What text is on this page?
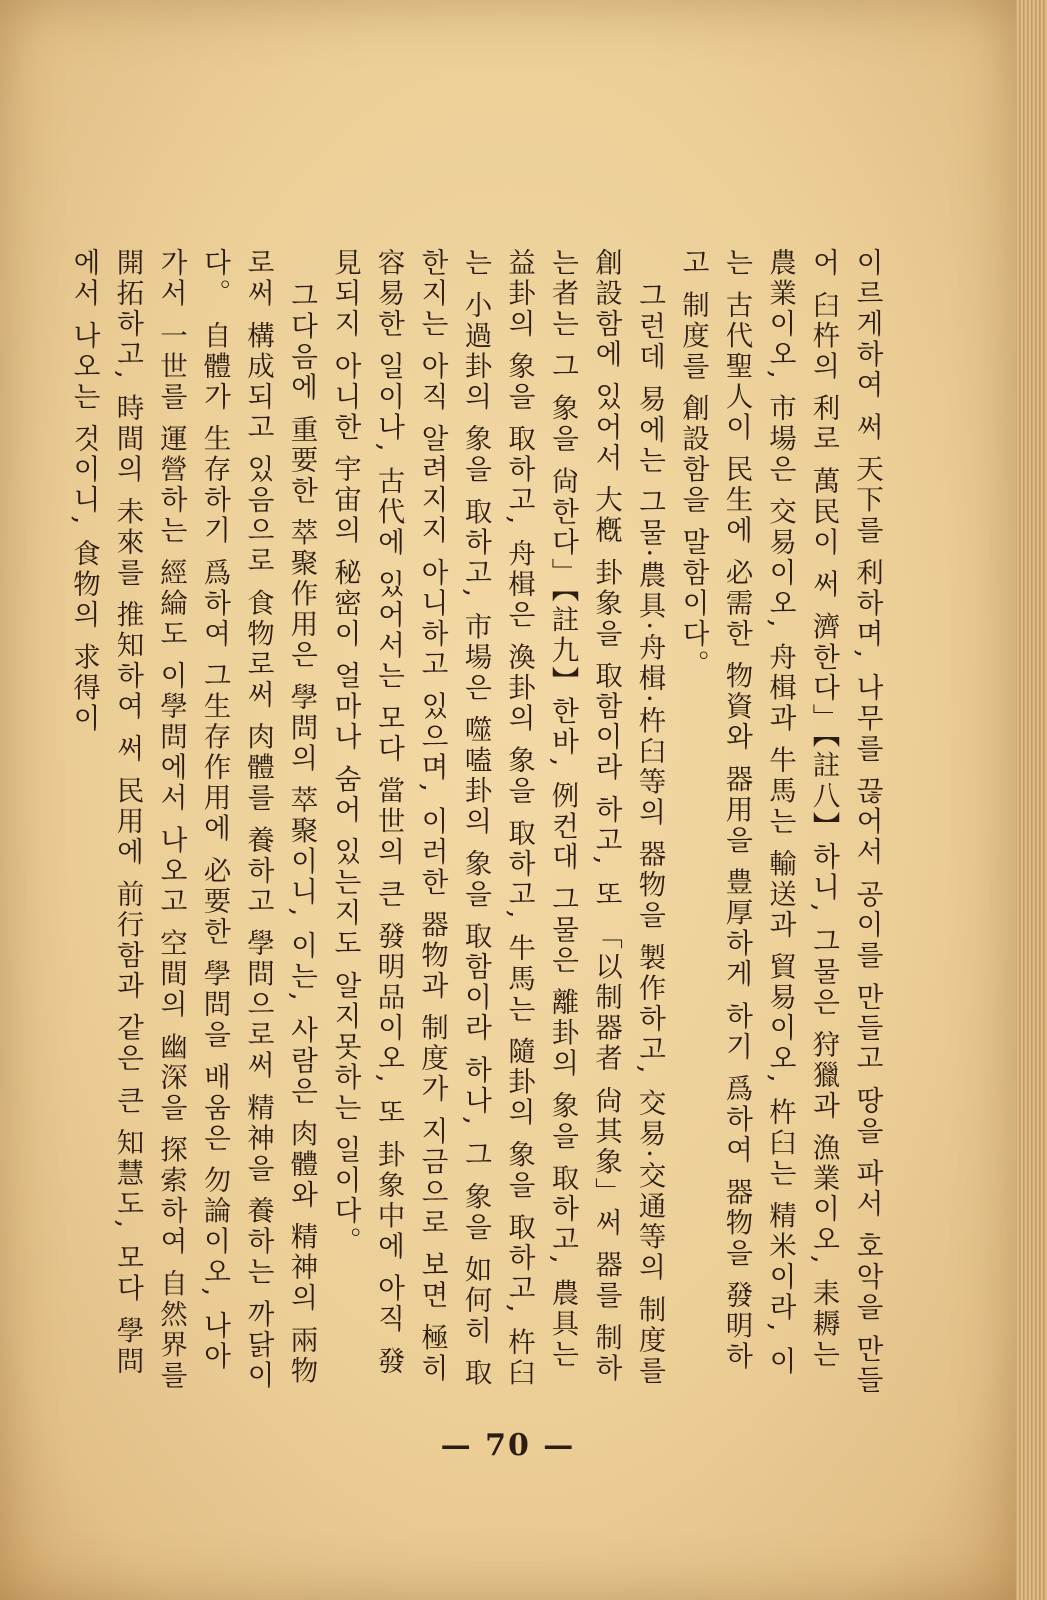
이르게하여 써 天下를 利하며, 나무를 끊어서 공이를 만들고 땅을 파서 호악을 만들어 臼杵의 利로 萬民이 써 濟한다」【註八】하니, 그물은 狩獵과 漁業이오, 耒耨는 農業이오, 市場은 交易이오, 舟楫과 牛馬는 輸送과 貿易이오, 杵臼는 精米이라, 이는 古代聖人이 民生에 必需한 物資와 器用을 豊厚하게 하기 爲하여 器物을 發明하고 制度를 創設함을 말함이다。

그런데 易에는 그물·農具·舟楫·杵臼等의 器物을 製作하고, 交易·交通等의 制度를 創設함에 있어서 大槪 卦象을 取함이라 하고, 또 「以制器者 尙其象」써 器를 制하는者는 그 象을 尙한다」【註九】한바, 例컨대 그물은 離卦의 象을 取하고, 農具는 益卦의 象을 取하고, 舟楫은 渙卦의 象을 取하고, 牛馬는 隨卦의 象을 取하고, 杵臼는 小過卦의 象을 取하고, 市場은 噬嗑卦의 象을 取함이라 하나, 그 象을 如何히 取한지는 아직 알려지지 아니하고 있으며, 이러한 器物과 制度가 지금으로 보면 極히 容易한 일이나, 古代에 있어서는 모다 當世의 큰 發明品이오, 또 卦象中에 아직 發見되지 아니한 宇宙의 秘密이 얼마나 숨어 있는지도 알지못하는 일이다。

그다음에 重要한 萃聚作用은 學問의 萃聚이니, 이는, 사람은 肉體와 精神의 兩物로써 構成되고 있음으로 食物로써 肉體를 養하고 學問으로써 精神을 養하는 까닭이다。 自體가 生存하기 爲하여 그生存作用에 必要한 學問을 배움은 勿論이오, 나아가서 一世를 運營하는 經綸도 이學問에서 나오고 空間의 幽深을 探索하여 自然界를 開拓하고, 時間의 未來를 推知하여 써 民用에 前行함과 같은 큰 知慧도, 모다 學問에서 나오는 것이니, 食物의 求得이

— 70 —
